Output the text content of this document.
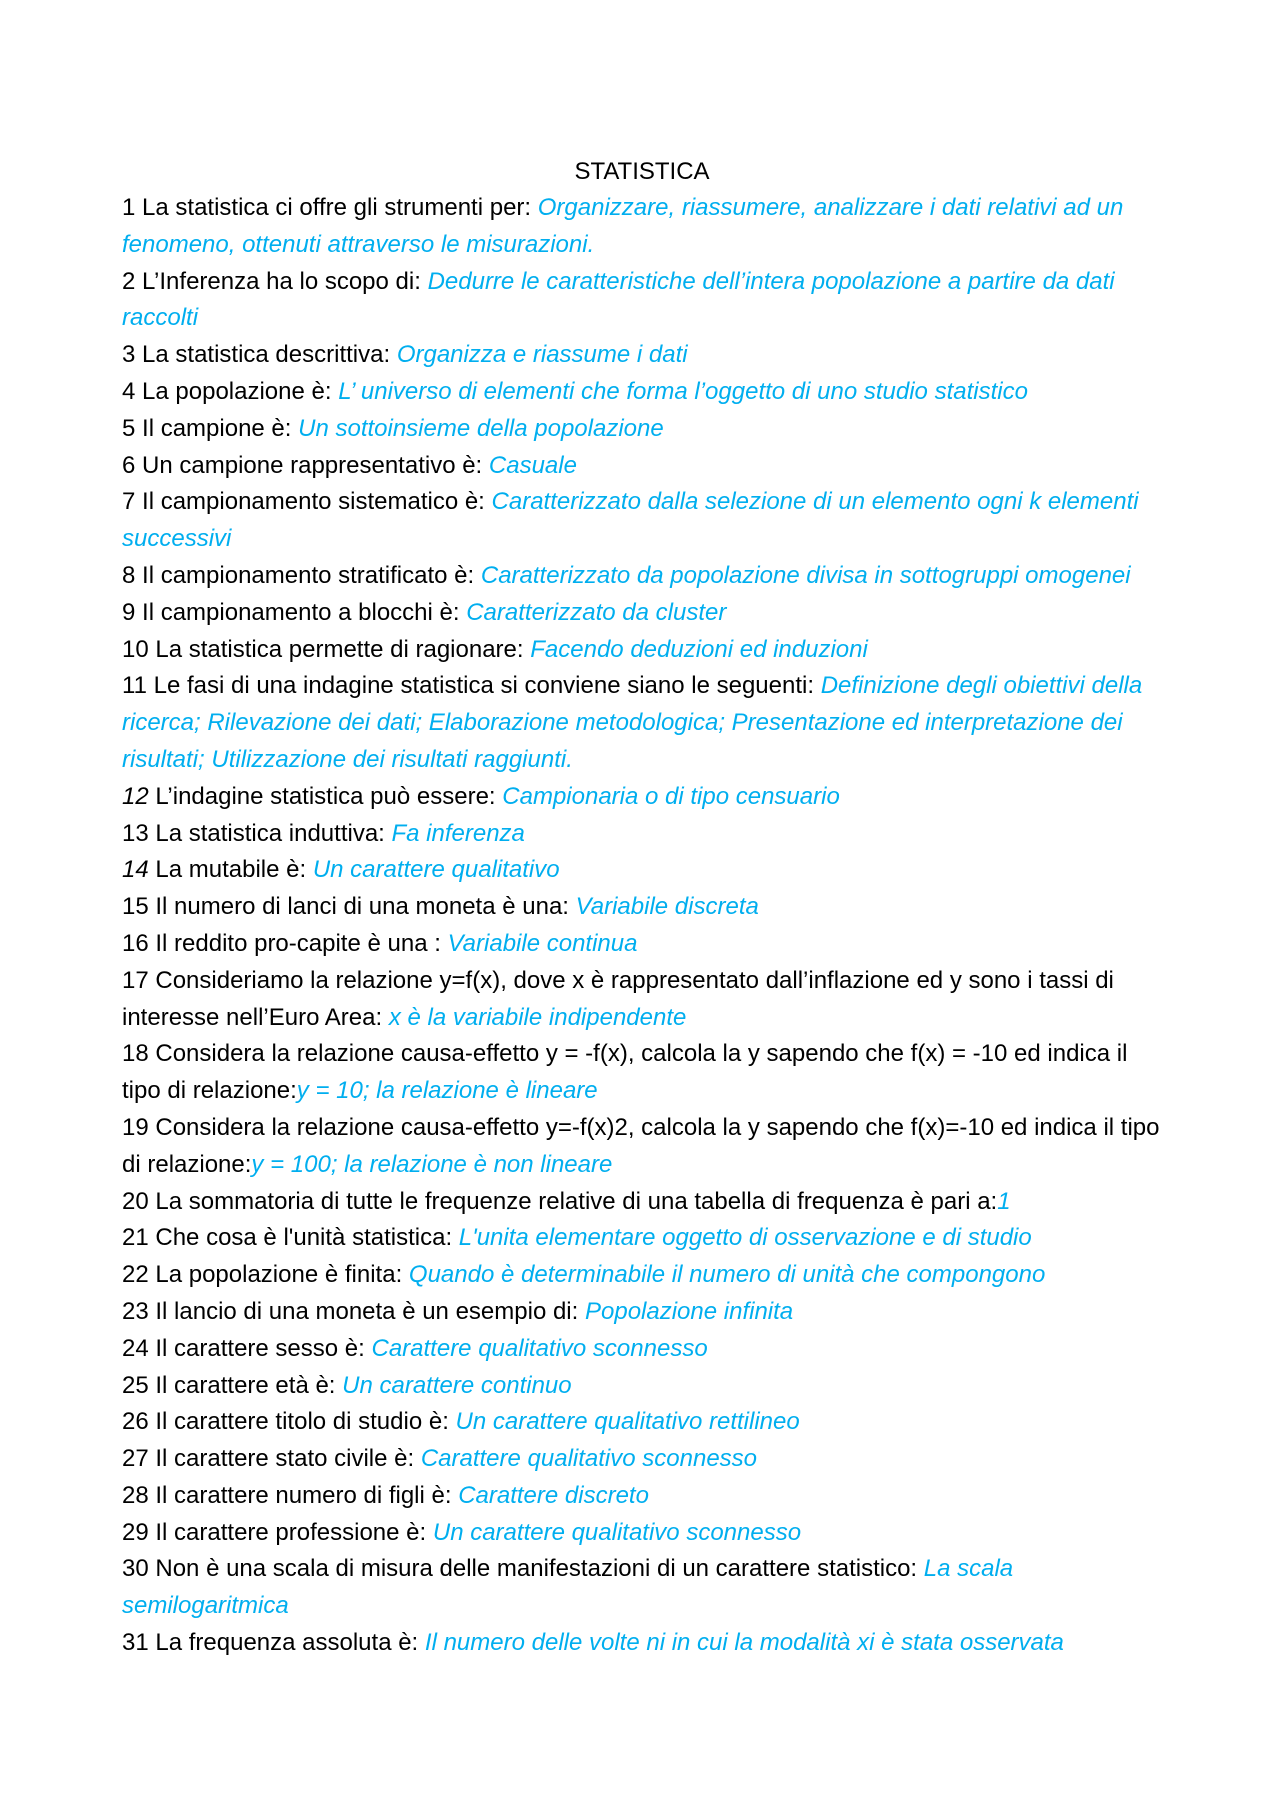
STATISTICA

1 La statistica ci offre gli strumenti per: Organizzare, riassumere, analizzare i dati relativi ad un fenomeno, ottenuti attraverso le misurazioni.

2 L’Inferenza ha lo scopo di: Dedurre le caratteristiche dell’intera popolazione a partire da dati raccolti

3 La statistica descrittiva: Organizza e riassume i dati

4 La popolazione è: L’ universo di elementi che forma l’oggetto di uno studio statistico

5 Il campione è: Un sottoinsieme della popolazione

6 Un campione rappresentativo è: Casuale

7 Il campionamento sistematico è: Caratterizzato dalla selezione di un elemento ogni k elementi successivi

8 Il campionamento stratificato è: Caratterizzato da popolazione divisa in sottogruppi omogenei

9 Il campionamento a blocchi è: Caratterizzato da cluster

10 La statistica permette di ragionare: Facendo deduzioni ed induzioni

11 Le fasi di una indagine statistica si conviene siano le seguenti: Definizione degli obiettivi della ricerca; Rilevazione dei dati; Elaborazione metodologica; Presentazione ed interpretazione dei risultati; Utilizzazione dei risultati raggiunti.

12 L’indagine statistica può essere: Campionaria o di tipo censuario

13 La statistica induttiva: Fa inferenza

14 La mutabile è: Un carattere qualitativo

15 Il numero di lanci di una moneta è una: Variabile discreta

16 Il reddito pro-capite è una : Variabile continua

17 Consideriamo la relazione y=f(x), dove x è rappresentato dall’inflazione ed y sono i tassi di interesse nell’Euro Area: x è la variabile indipendente

18 Considera la relazione causa-effetto y = -f(x), calcola la y sapendo che f(x) = -10 ed indica il tipo di relazione:y = 10; la relazione è lineare

19 Considera la relazione causa-effetto y=-f(x)2, calcola la y sapendo che f(x)=-10 ed indica il tipo di relazione:y = 100; la relazione è non lineare

20 La sommatoria di tutte le frequenze relative di una tabella di frequenza è pari a:1

21 Che cosa è l'unità statistica: L'unita elementare oggetto di osservazione e di studio

22 La popolazione è finita: Quando è determinabile il numero di unità che compongono

23 Il lancio di una moneta è un esempio di: Popolazione infinita

24 Il carattere sesso è: Carattere qualitativo sconnesso

25 Il carattere età è: Un carattere continuo

26 Il carattere titolo di studio è: Un carattere qualitativo rettilineo

27 Il carattere stato civile è: Carattere qualitativo sconnesso

28 Il carattere numero di figli è: Carattere discreto

29 Il carattere professione è: Un carattere qualitativo sconnesso

30 Non è una scala di misura delle manifestazioni di un carattere statistico: La scala semilogaritmica

31 La frequenza assoluta è: Il numero delle volte ni in cui la modalità xi è stata osservata
